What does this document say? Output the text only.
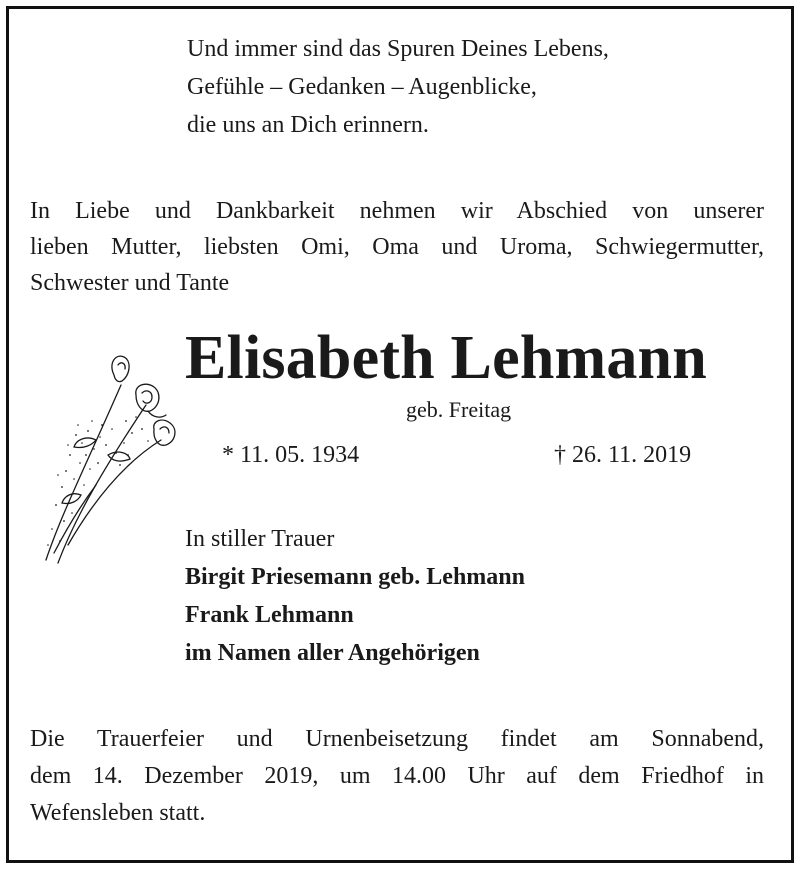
Und immer sind das Spuren Deines Lebens,
Gefühle – Gedanken – Augenblicke,
die uns an Dich erinnern.
In Liebe und Dankbarkeit nehmen wir Abschied von unserer
lieben Mutter, liebsten Omi, Oma und Uroma, Schwiegermutter,
Schwester und Tante
Elisabeth Lehmann
geb. Freitag
* 11. 05. 1934	† 26. 11. 2019
In stiller Trauer
Birgit Priesemann geb. Lehmann
Frank Lehmann
im Namen aller Angehörigen
Die Trauerfeier und Urnenbeisetzung findet am Sonnabend,
dem 14. Dezember 2019, um 14.00 Uhr auf dem Friedhof in
Wefensleben statt.
